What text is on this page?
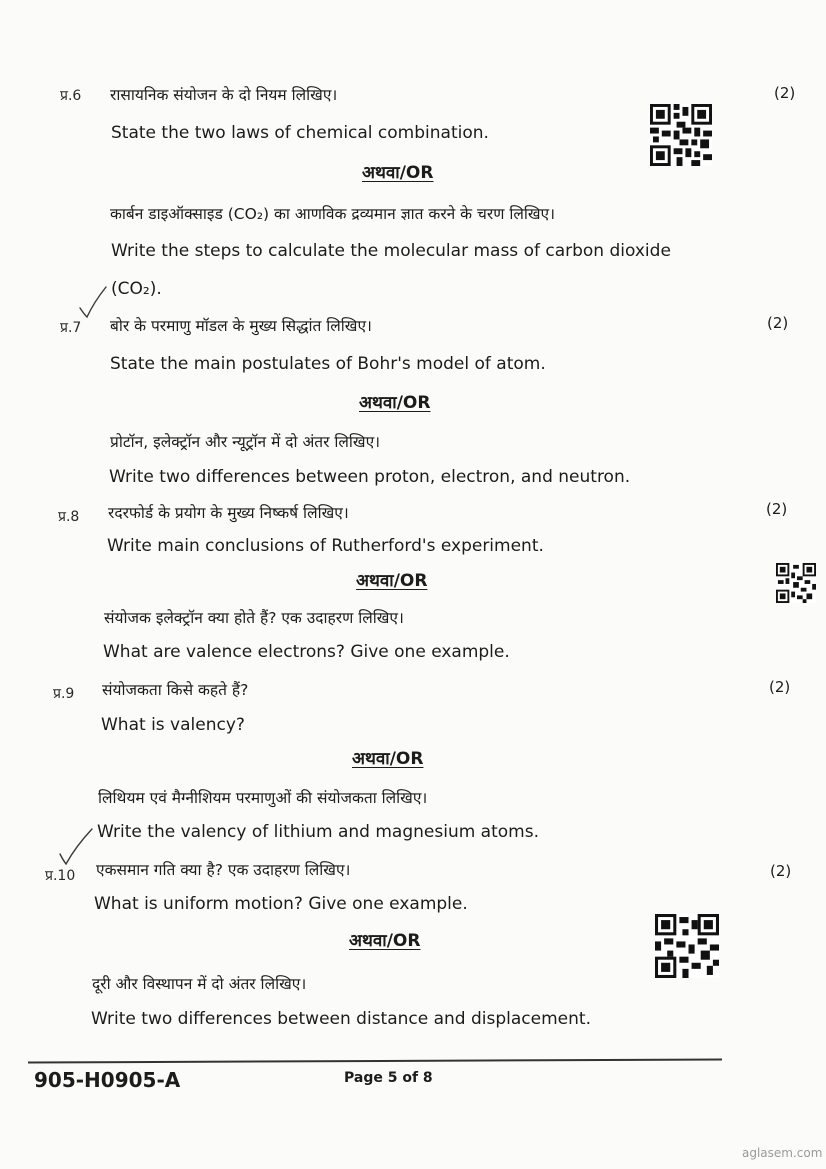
प्र.6 रासायनिक संयोजन के दो नियम लिखिए।	(2)
State the two laws of chemical combination.
अथवा/OR
कार्बन डाइऑक्साइड (CO₂) का आणविक द्रव्यमान ज्ञात करने के चरण लिखिए।
Write the steps to calculate the molecular mass of carbon dioxide
(CO₂).
प्र.7 बोर के परमाणु मॉडल के मुख्य सिद्धांत लिखिए।	(2)
State the main postulates of Bohr's model of atom.
अथवा/OR
प्रोटॉन, इलेक्ट्रॉन और न्यूट्रॉन में दो अंतर लिखिए।
Write two differences between proton, electron, and neutron.
प्र.8 रदरफोर्ड के प्रयोग के मुख्य निष्कर्ष लिखिए।	(2)
Write main conclusions of Rutherford's experiment.
अथवा/OR
संयोजक इलेक्ट्रॉन क्या होते हैं? एक उदाहरण लिखिए।
What are valence electrons? Give one example.
प्र.9 संयोजकता किसे कहते हैं?	(2)
What is valency?
अथवा/OR
लिथियम एवं मैग्नीशियम परमाणुओं की संयोजकता लिखिए।
Write the valency of lithium and magnesium atoms.
प्र.10 एकसमान गति क्या है? एक उदाहरण लिखिए।	(2)
What is uniform motion? Give one example.
अथवा/OR
दूरी और विस्थापन में दो अंतर लिखिए।
Write two differences between distance and displacement.
905-H0905-A	Page 5 of 8
aglasem.com
